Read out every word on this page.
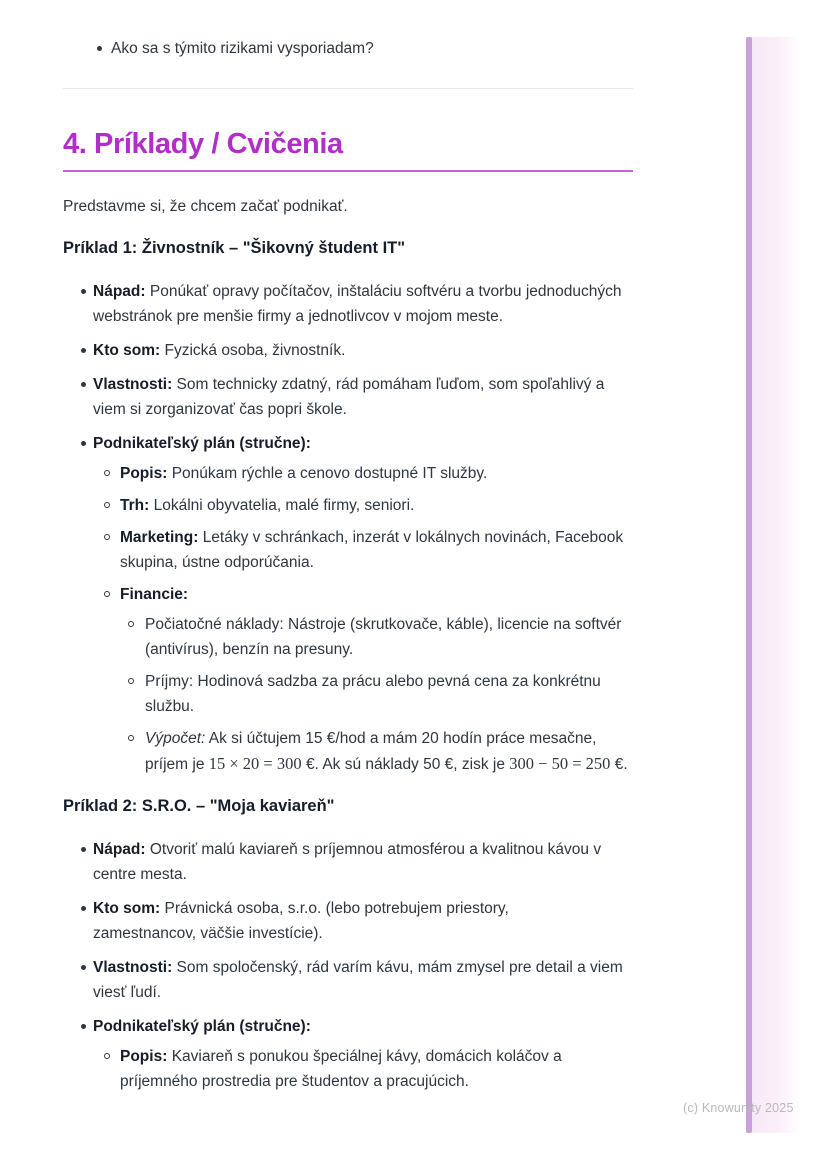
Ako sa s týmito rizikami vysporiadam?
4. Príklady / Cvičenia

Predstavme si, že chcem začať podnikať.

Príklad 1: Živnostník – "Šikovný študent IT"

Nápad: Ponúkať opravy počítačov, inštaláciu softvéru a tvorbu jednoduchých webstránok pre menšie firmy a jednotlivcov v mojom meste.
Kto som: Fyzická osoba, živnostník.
Vlastnosti: Som technicky zdatný, rád pomáham ľuďom, som spoľahlivý a viem si zorganizovať čas popri škole.
Podnikateľský plán (stručne):
Popis: Ponúkam rýchle a cenovo dostupné IT služby.
Trh: Lokálni obyvatelia, malé firmy, seniori.
Marketing: Letáky v schránkach, inzerát v lokálnych novinách, Facebook skupina, ústne odporúčania.
Financie:
Počiatočné náklady: Nástroje (skrutkovače, káble), licencie na softvér (antivírus), benzín na presuny.
Príjmy: Hodinová sadzba za prácu alebo pevná cena za konkrétnu službu.
Výpočet: Ak si účtujem 15 €/hod a mám 20 hodín práce mesačne, príjem je 15 × 20 = 300 €. Ak sú náklady 50 €, zisk je 300 − 50 = 250 €.

Príklad 2: S.R.O. – "Moja kaviareň"

Nápad: Otvoriť malú kaviareň s príjemnou atmosférou a kvalitnou kávou v centre mesta.
Kto som: Právnická osoba, s.r.o. (lebo potrebujem priestory, zamestnancov, väčšie investície).
Vlastnosti: Som spoločenský, rád varím kávu, mám zmysel pre detail a viem viesť ľudí.
Podnikateľský plán (stručne):
Popis: Kaviareň s ponukou špeciálnej kávy, domácich koláčov a príjemného prostredia pre študentov a pracujúcich.
(c) Knowunity 2025
